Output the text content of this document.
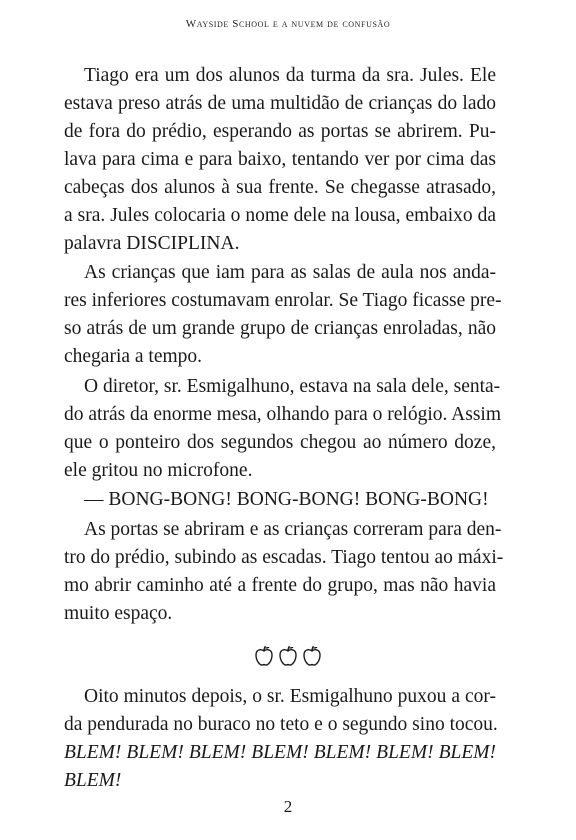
Wayside School e a nuvem de confusão
Tiago era um dos alunos da turma da sra. Jules. Ele
estava preso atrás de uma multidão de crianças do lado
de fora do prédio, esperando as portas se abrirem. Pu-
lava para cima e para baixo, tentando ver por cima das
cabeças dos alunos à sua frente. Se chegasse atrasado,
a sra. Jules colocaria o nome dele na lousa, embaixo da
palavra DISCIPLINA.
As crianças que iam para as salas de aula nos anda-
res inferiores costumavam enrolar. Se Tiago ficasse pre-
so atrás de um grande grupo de crianças enroladas, não
chegaria a tempo.
O diretor, sr. Esmigalhuno, estava na sala dele, senta-
do atrás da enorme mesa, olhando para o relógio. Assim
que o ponteiro dos segundos chegou ao número doze,
ele gritou no microfone.
— BONG-BONG! BONG-BONG! BONG-BONG!
As portas se abriram e as crianças correram para den-
tro do prédio, subindo as escadas. Tiago tentou ao máxi-
mo abrir caminho até a frente do grupo, mas não havia
muito espaço.
Oito minutos depois, o sr. Esmigalhuno puxou a cor-
da pendurada no buraco no teto e o segundo sino tocou.
BLEM! BLEM! BLEM! BLEM! BLEM! BLEM! BLEM!
BLEM!
2
